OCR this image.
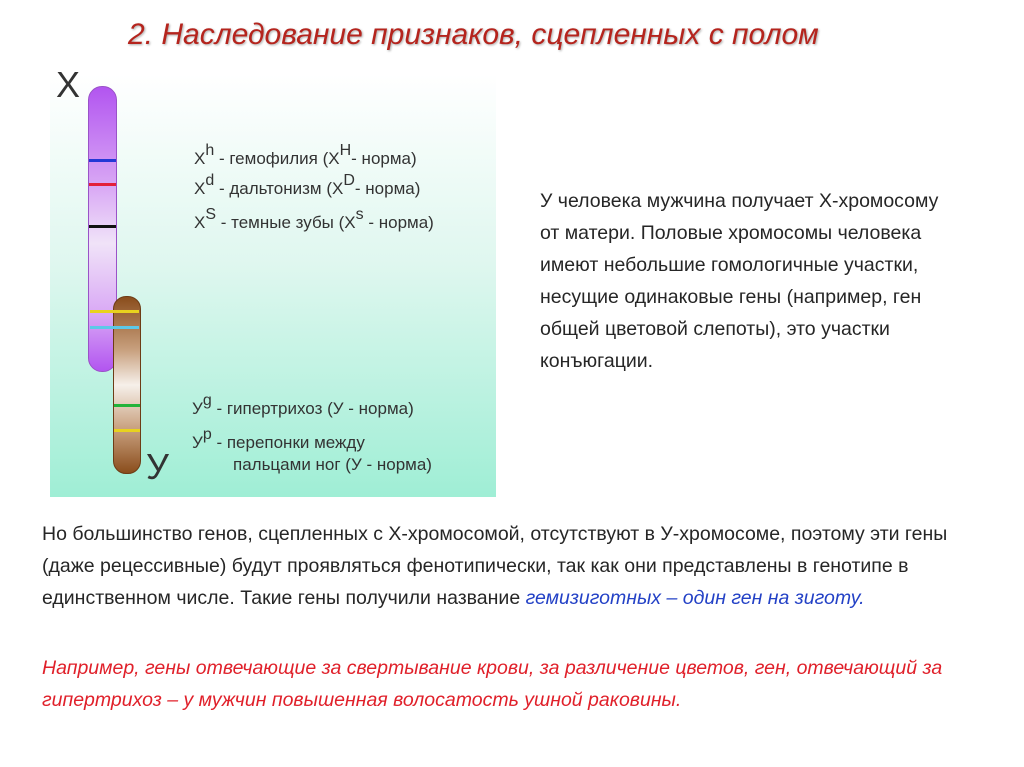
2. Наследование признаков, сцепленных с полом
X
У
$X^h$ - гемофилия ($X^H-$ норма)
$X^d$ - дальтонизм ($X^D-$ норма)
$X^S$ - темные зубы ($X^s$ - норма)
$У^g$ - гипертрихоз (У - норма)
$У^p$ - перепонки между
пальцами ног (У - норма)
У человека мужчина получает X-хромосому от матери. Половые хромосомы человека имеют небольшие гомологичные участки, несущие одинаковые гены (например, ген общей цветовой слепоты), это участки конъюгации.
Но большинство генов, сцепленных с X-хромосомой, отсутствуют в У-хромосоме, поэтому эти гены (даже рецессивные) будут проявляться фенотипически, так как они представлены в генотипе в единственном числе. Такие гены получили название гемизиготных – один ген на зиготу.
Например, гены отвечающие за свертывание крови, за различение цветов, ген, отвечающий за гипертрихоз – у мужчин повышенная волосатость ушной раковины.
